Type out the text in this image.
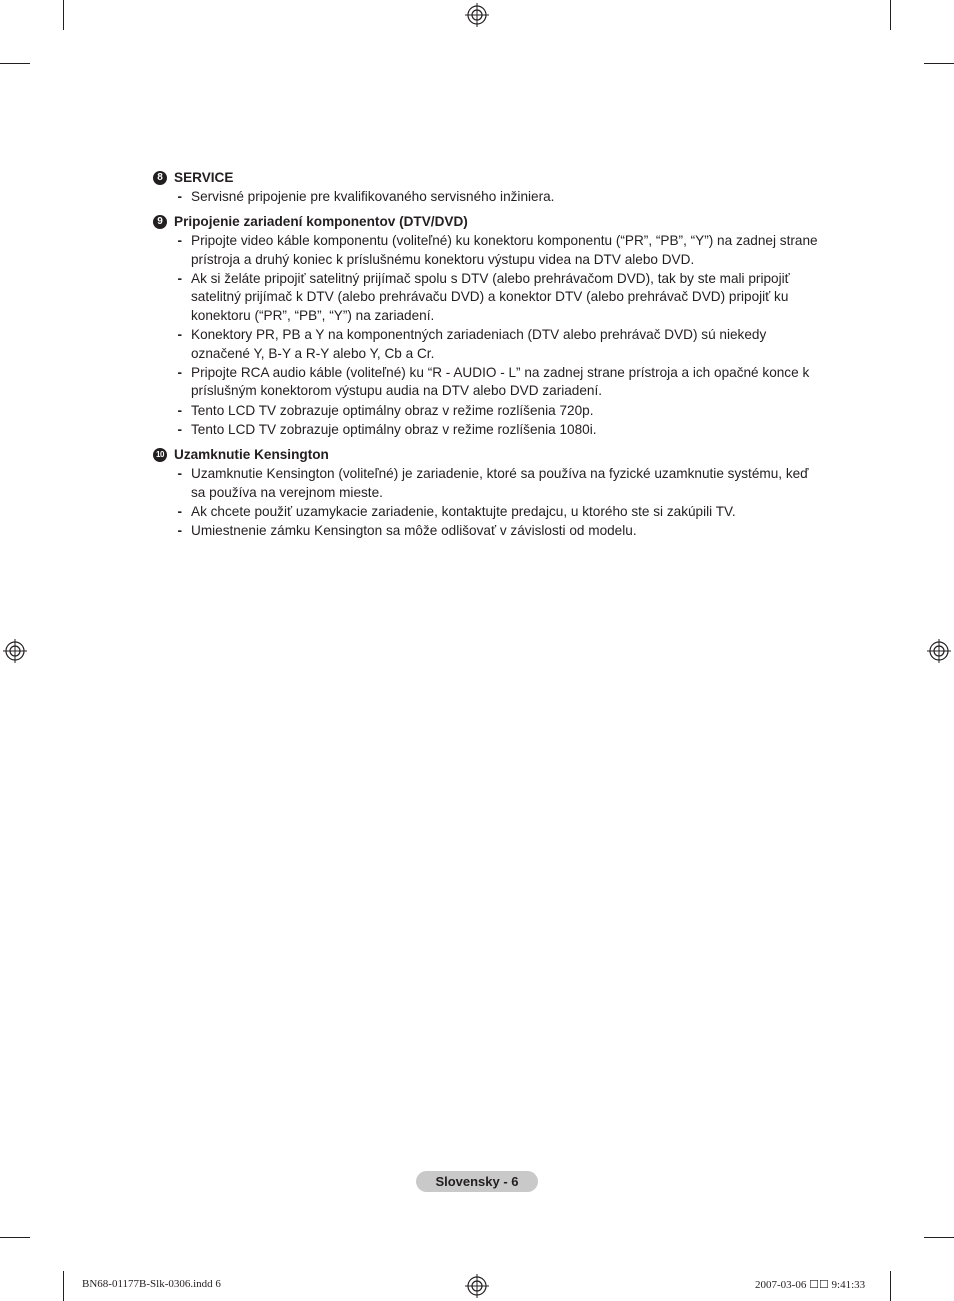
8 SERVICE
- Servisné pripojenie pre kvalifikovaného servisného inžiniera.
9 Pripojenie zariadení komponentov (DTV/DVD)
- Pripojte video káble komponentu (voliteľné) ku konektoru komponentu (“PR”, “PB”, “Y”) na zadnej strane prístroja a druhý koniec k príslušnému konektoru výstupu videa na DTV alebo DVD.
- Ak si želáte pripojiť satelitný prijímač spolu s DTV (alebo prehrávačom DVD), tak by ste mali pripojiť satelitný prijímač k DTV (alebo prehrávaču DVD) a konektor DTV (alebo prehrávač DVD) pripojiť ku konektoru (“PR”, “PB”, “Y”) na zariadení.
- Konektory PR, PB a Y na komponentných zariadeniach (DTV alebo prehrávač DVD) sú niekedy označené Y, B-Y a R-Y alebo Y, Cb a Cr.
- Pripojte RCA audio káble (voliteľné) ku “R - AUDIO - L” na zadnej strane prístroja a ich opačné konce k príslušným konektorom výstupu audia na DTV alebo DVD zariadení.
- Tento LCD TV zobrazuje optimálny obraz v režime rozlíšenia 720p.
- Tento LCD TV zobrazuje optimálny obraz v režime rozlíšenia 1080i.
10 Uzamknutie Kensington
- Uzamknutie Kensington (voliteľné) je zariadenie, ktoré sa používa na fyzické uzamknutie systému, keď sa používa na verejnom mieste.
- Ak chcete použiť uzamykacie zariadenie, kontaktujte predajcu, u ktorého ste si zakúpili TV.
- Umiestnenie zámku Kensington sa môže odlišovať v závislosti od modelu.
Slovensky - 6
BN68-01177B-Slk-0306.indd 6	2007-03-06 ☐☐ 9:41:33
